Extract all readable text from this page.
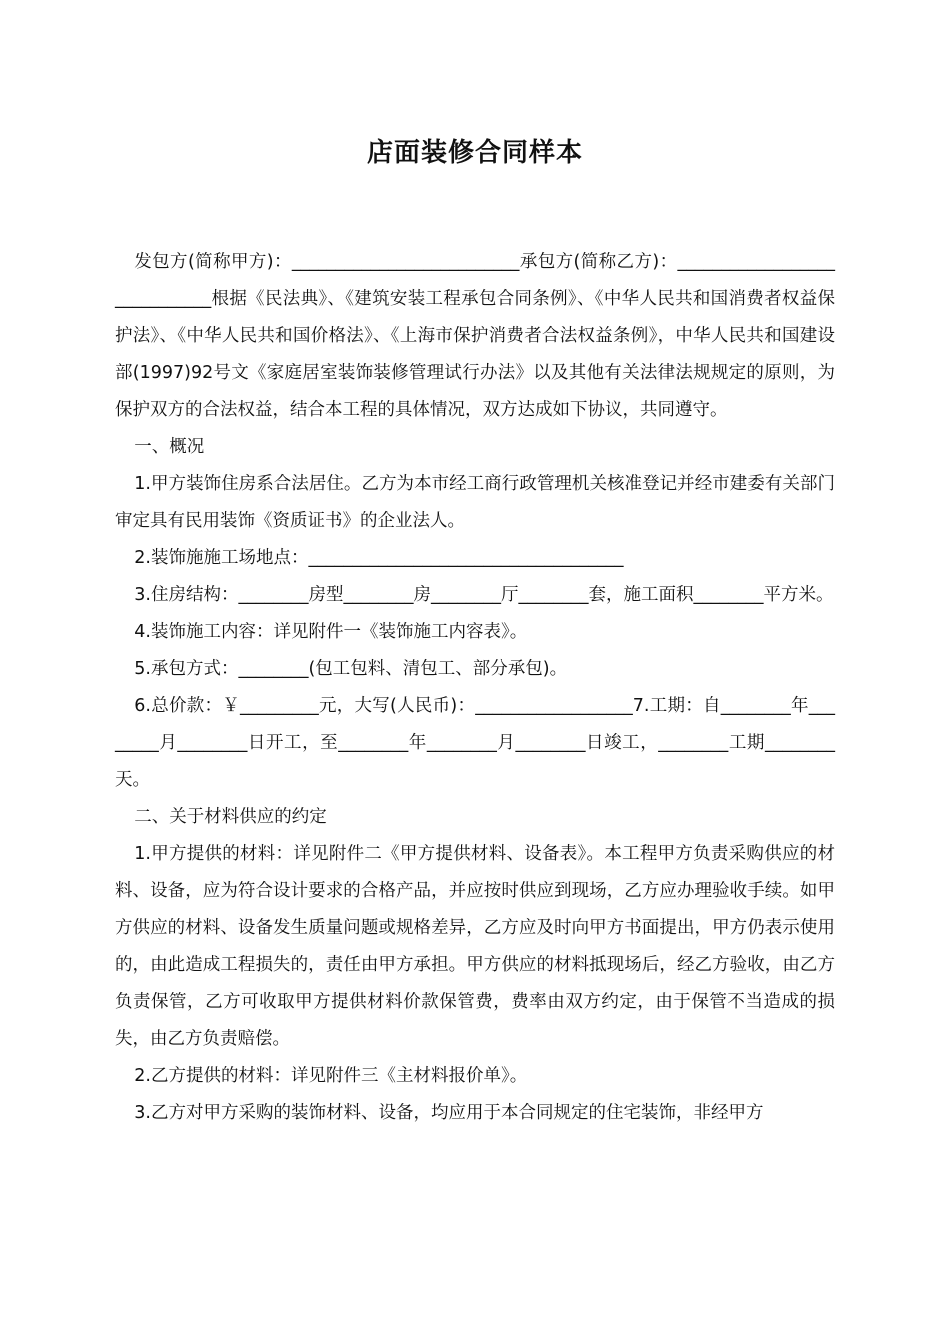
店面装修合同样本

发包方(简称甲方)：__________________________承包方(简称乙方)：_____________________________根据《民法典》、《建筑安装工程承包合同条例》、《中华人民共和国消费者权益保护法》、《中华人民共和国价格法》、《上海市保护消费者合法权益条例》，中华人民共和国建设部(1997)92号文《家庭居室装饰装修管理试行办法》以及其他有关法律法规规定的原则，为保护双方的合法权益，结合本工程的具体情况，双方达成如下协议，共同遵守。

一、概况

1.甲方装饰住房系合法居住。乙方为本市经工商行政管理机关核准登记并经市建委有关部门审定具有民用装饰《资质证书》的企业法人。

2.装饰施施工场地点：____________________________________

3.住房结构：________房型________房________厅________套，施工面积________平方米。

4.装饰施工内容：详见附件一《装饰施工内容表》。

5.承包方式：________(包工包料、清包工、部分承包)。

6.总价款：￥_________元，大写(人民币)：__________________7.工期：自________年________月________日开工，至________年________月________日竣工，________工期________天。

二、关于材料供应的约定

1.甲方提供的材料：详见附件二《甲方提供材料、设备表》。本工程甲方负责采购供应的材料、设备，应为符合设计要求的合格产品，并应按时供应到现场，乙方应办理验收手续。如甲方供应的材料、设备发生质量问题或规格差异，乙方应及时向甲方书面提出，甲方仍表示使用的，由此造成工程损失的，责任由甲方承担。甲方供应的材料抵现场后，经乙方验收，由乙方负责保管，乙方可收取甲方提供材料价款保管费，费率由双方约定，由于保管不当造成的损失，由乙方负责赔偿。

2.乙方提供的材料：详见附件三《主材料报价单》。

3.乙方对甲方采购的装饰材料、设备，均应用于本合同规定的住宅装饰，非经甲方
